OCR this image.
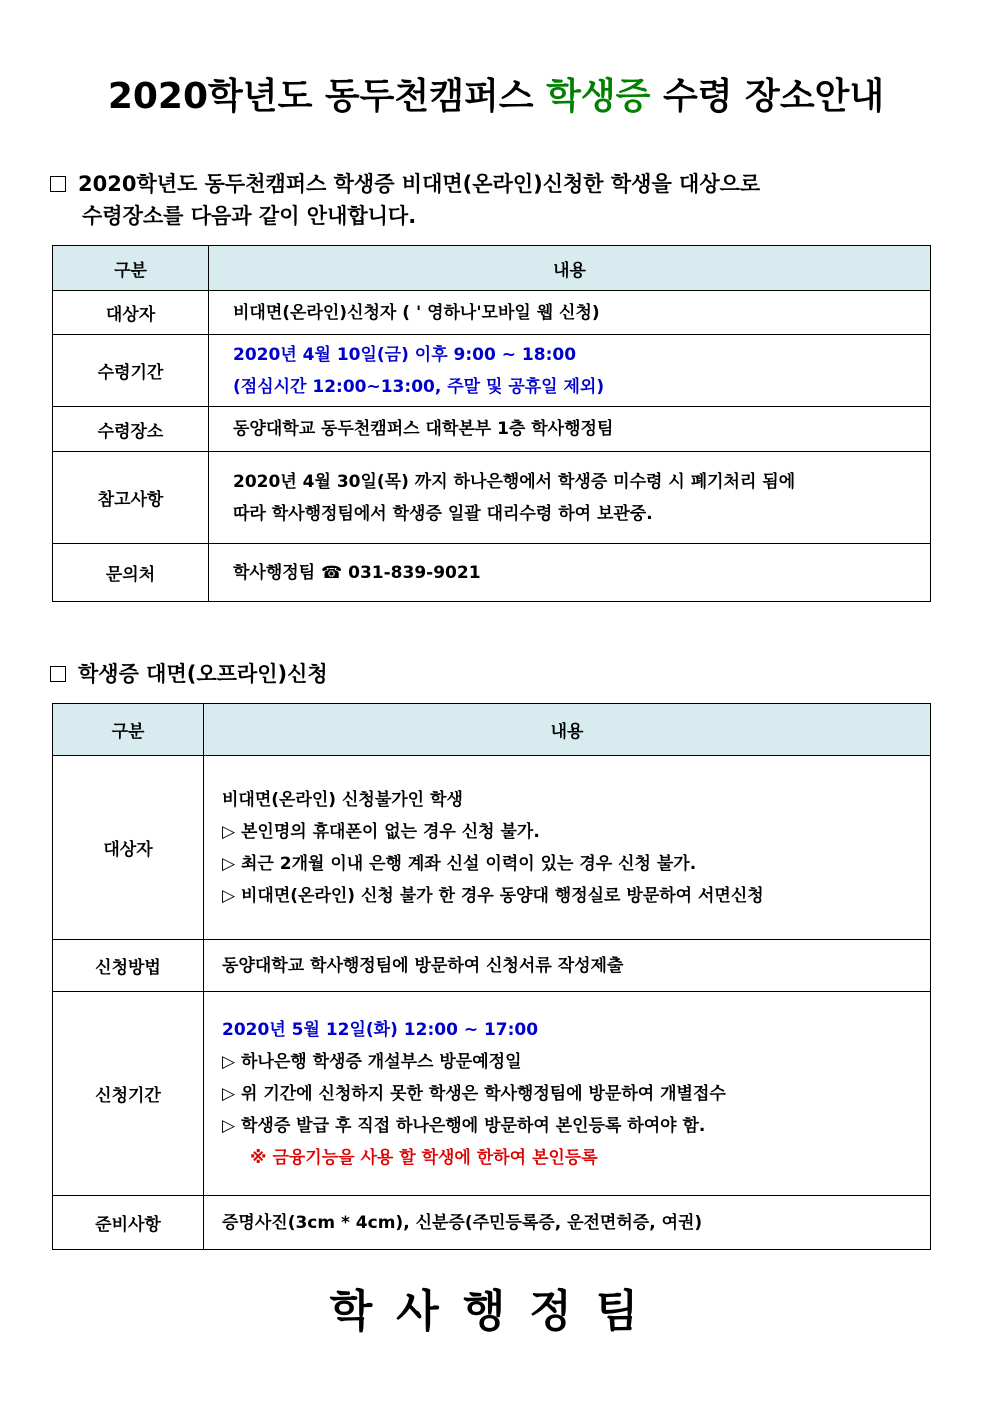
2020학년도 동두천캠퍼스 학생증 수령 장소안내
2020학년도 동두천캠퍼스 학생증 비대면(온라인)신청한 학생을 대상으로
수령장소를 다음과 같이 안내합니다.
구분	내용
대상자	비대면(온라인)신청자 ( ' 영하나'모바일 웹 신청)

수령기간	2020년 4월 10일(금) 이후 9:00 ~ 18:00
(점심시간 12:00~13:00, 주말 및 공휴일 제외)

수령장소	동양대학교 동두천캠퍼스 대학본부 1층 학사행정팀

참고사항	2020년 4월 30일(목) 까지 하나은행에서 학생증 미수령 시 폐기처리 됨에
따라 학사행정팀에서 학생증 일괄 대리수령 하여 보관중.

문의처	학사행정팀 ☎ 031-839-9021
학생증 대면(오프라인)신청
구분	내용
대상자	비대면(온라인) 신청불가인 학생
▷ 본인명의 휴대폰이 없는 경우 신청 불가.
▷ 최근 2개월 이내 은행 계좌 신설 이력이 있는 경우 신청 불가.
▷ 비대면(온라인) 신청 불가 한 경우 동양대 행정실로 방문하여 서면신청

신청방법	동양대학교 학사행정팀에 방문하여 신청서류 작성제출

신청기간	2020년 5월 12일(화) 12:00 ~ 17:00
▷ 하나은행 학생증 개설부스 방문예정일
▷ 위 기간에 신청하지 못한 학생은 학사행정팀에 방문하여 개별접수
▷ 학생증 발급 후 직접 하나은행에 방문하여 본인등록 하여야 함.
※ 금융기능을 사용 할 학생에 한하여 본인등록

준비사항	증명사진(3cm * 4cm), 신분증(주민등록증, 운전면허증, 여권)
학사행정팀
